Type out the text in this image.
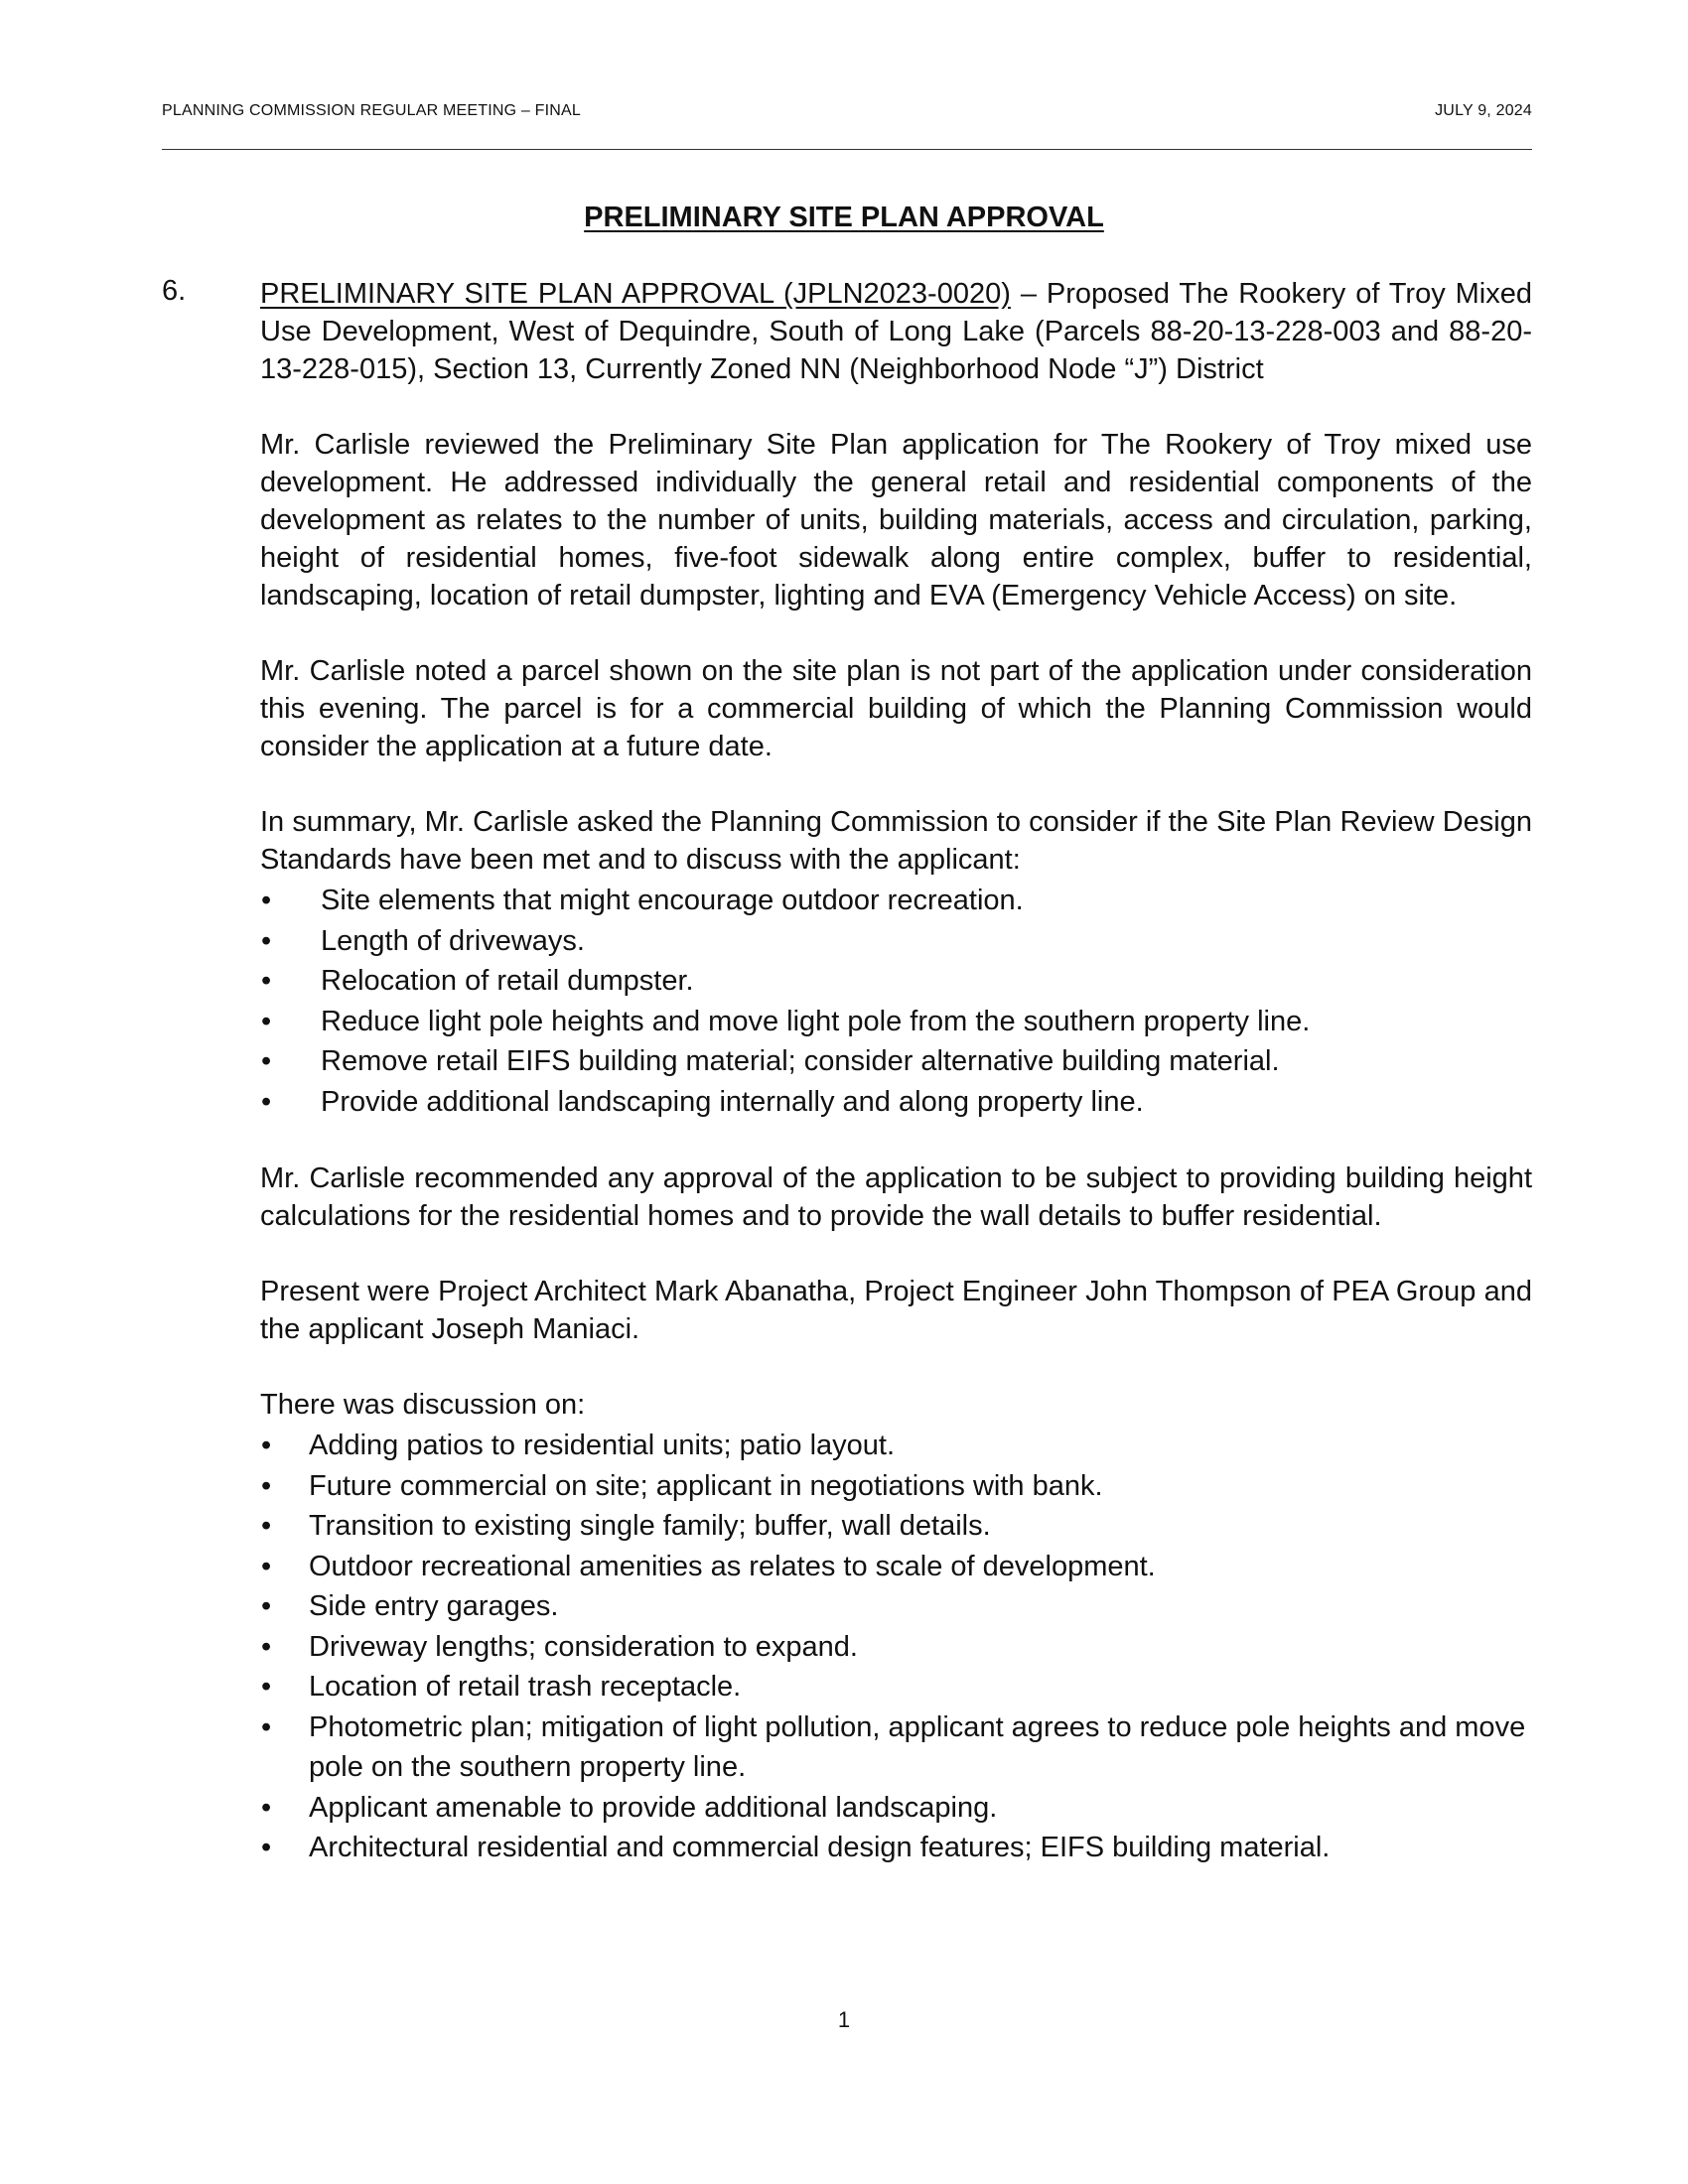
PLANNING COMMISSION REGULAR MEETING – FINAL	JULY 9, 2024
PRELIMINARY SITE PLAN APPROVAL
6.	PRELIMINARY SITE PLAN APPROVAL (JPLN2023-0020) – Proposed The Rookery of Troy Mixed Use Development, West of Dequindre, South of Long Lake (Parcels 88-20-13-228-003 and 88-20-13-228-015), Section 13, Currently Zoned NN (Neighborhood Node “J”) District

Mr. Carlisle reviewed the Preliminary Site Plan application for The Rookery of Troy mixed use development. He addressed individually the general retail and residential components of the development as relates to the number of units, building materials, access and circulation, parking, height of residential homes, five-foot sidewalk along entire complex, buffer to residential, landscaping, location of retail dumpster, lighting and EVA (Emergency Vehicle Access) on site.

Mr. Carlisle noted a parcel shown on the site plan is not part of the application under consideration this evening. The parcel is for a commercial building of which the Planning Commission would consider the application at a future date.

In summary, Mr. Carlisle asked the Planning Commission to consider if the Site Plan Review Design Standards have been met and to discuss with the applicant:

• Site elements that might encourage outdoor recreation.
• Length of driveways.
• Relocation of retail dumpster.
• Reduce light pole heights and move light pole from the southern property line.
• Remove retail EIFS building material; consider alternative building material.
• Provide additional landscaping internally and along property line.

Mr. Carlisle recommended any approval of the application to be subject to providing building height calculations for the residential homes and to provide the wall details to buffer residential.

Present were Project Architect Mark Abanatha, Project Engineer John Thompson of PEA Group and the applicant Joseph Maniaci.

There was discussion on:

• Adding patios to residential units; patio layout.
• Future commercial on site; applicant in negotiations with bank.
• Transition to existing single family; buffer, wall details.
• Outdoor recreational amenities as relates to scale of development.
• Side entry garages.
• Driveway lengths; consideration to expand.
• Location of retail trash receptacle.
• Photometric plan; mitigation of light pollution, applicant agrees to reduce pole heights and move pole on the southern property line.
• Applicant amenable to provide additional landscaping.
• Architectural residential and commercial design features; EIFS building material.
1
